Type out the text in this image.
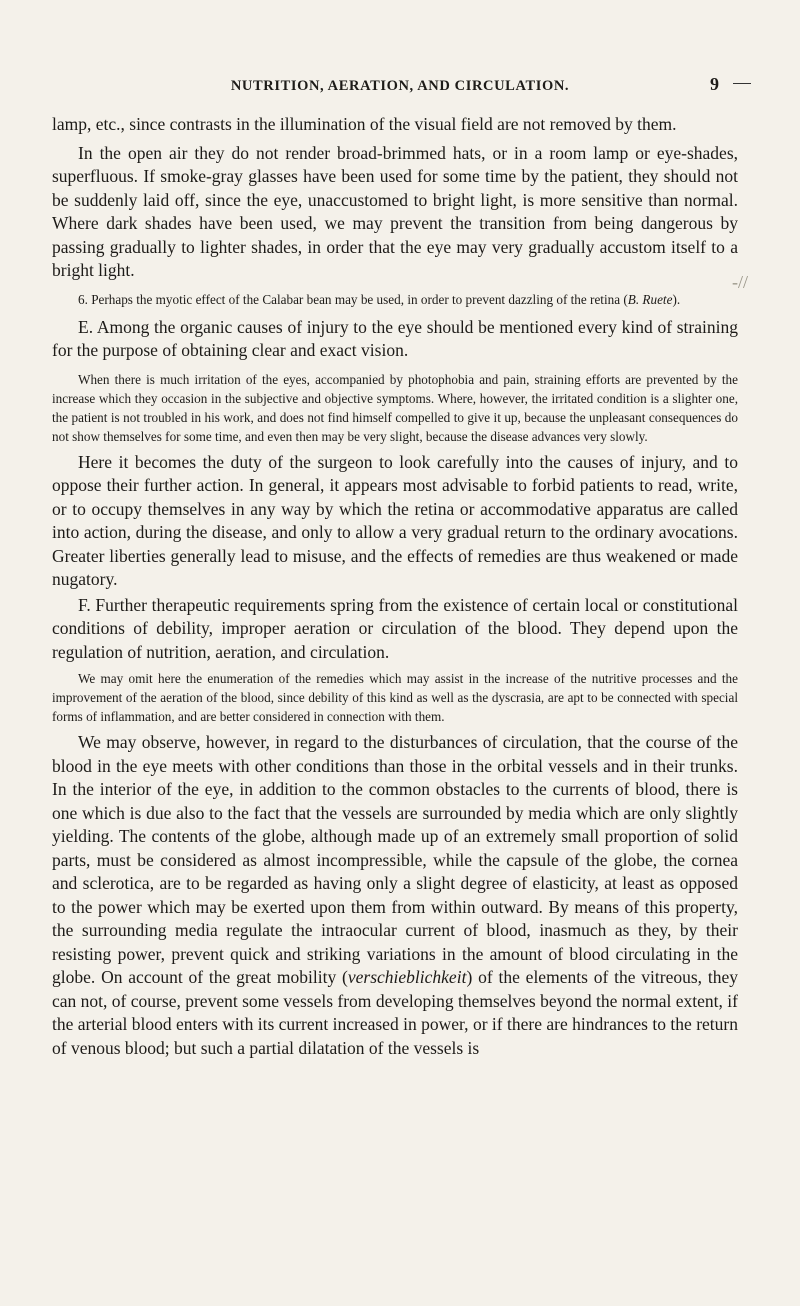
NUTRITION, AERATION, AND CIRCULATION.	9
-//

lamp, etc., since contrasts in the illumination of the visual field are not removed by them.

In the open air they do not render broad-brimmed hats, or in a room lamp or eye-shades, superfluous. If smoke-gray glasses have been used for some time by the patient, they should not be suddenly laid off, since the eye, unaccustomed to bright light, is more sensitive than normal. Where dark shades have been used, we may prevent the transition from being dangerous by passing gradually to lighter shades, in order that the eye may very gradually accustom itself to a bright light.

6. Perhaps the myotic effect of the Calabar bean may be used, in order to prevent dazzling of the retina (B. Ruete).

E. Among the organic causes of injury to the eye should be mentioned every kind of straining for the purpose of obtaining clear and exact vision.

When there is much irritation of the eyes, accompanied by photophobia and pain, straining efforts are prevented by the increase which they occasion in the subjective and objective symptoms. Where, however, the irritated condition is a slighter one, the patient is not troubled in his work, and does not find himself compelled to give it up, because the unpleasant consequences do not show themselves for some time, and even then may be very slight, because the disease advances very slowly.

Here it becomes the duty of the surgeon to look carefully into the causes of injury, and to oppose their further action. In general, it appears most advisable to forbid patients to read, write, or to occupy themselves in any way by which the retina or accommodative apparatus are called into action, during the disease, and only to allow a very gradual return to the ordinary avocations. Greater liberties generally lead to misuse, and the effects of remedies are thus weakened or made nugatory.

F. Further therapeutic requirements spring from the existence of certain local or constitutional conditions of debility, improper aeration or circulation of the blood. They depend upon the regulation of nutrition, aeration, and circulation.

We may omit here the enumeration of the remedies which may assist in the increase of the nutritive processes and the improvement of the aeration of the blood, since debility of this kind as well as the dyscrasia, are apt to be connected with special forms of inflammation, and are better considered in connection with them.

We may observe, however, in regard to the disturbances of circulation, that the course of the blood in the eye meets with other conditions than those in the orbital vessels and in their trunks. In the interior of the eye, in addition to the common obstacles to the currents of blood, there is one which is due also to the fact that the vessels are surrounded by media which are only slightly yielding. The contents of the globe, although made up of an extremely small proportion of solid parts, must be considered as almost incompressible, while the capsule of the globe, the cornea and sclerotica, are to be regarded as having only a slight degree of elasticity, at least as opposed to the power which may be exerted upon them from within outward. By means of this property, the surrounding media regulate the intraocular current of blood, inasmuch as they, by their resisting power, prevent quick and striking variations in the amount of blood circulating in the globe. On account of the great mobility (verschieblichkeit) of the elements of the vitreous, they can not, of course, prevent some vessels from developing themselves beyond the normal extent, if the arterial blood enters with its current increased in power, or if there are hindrances to the return of venous blood; but such a partial dilatation of the vessels is
